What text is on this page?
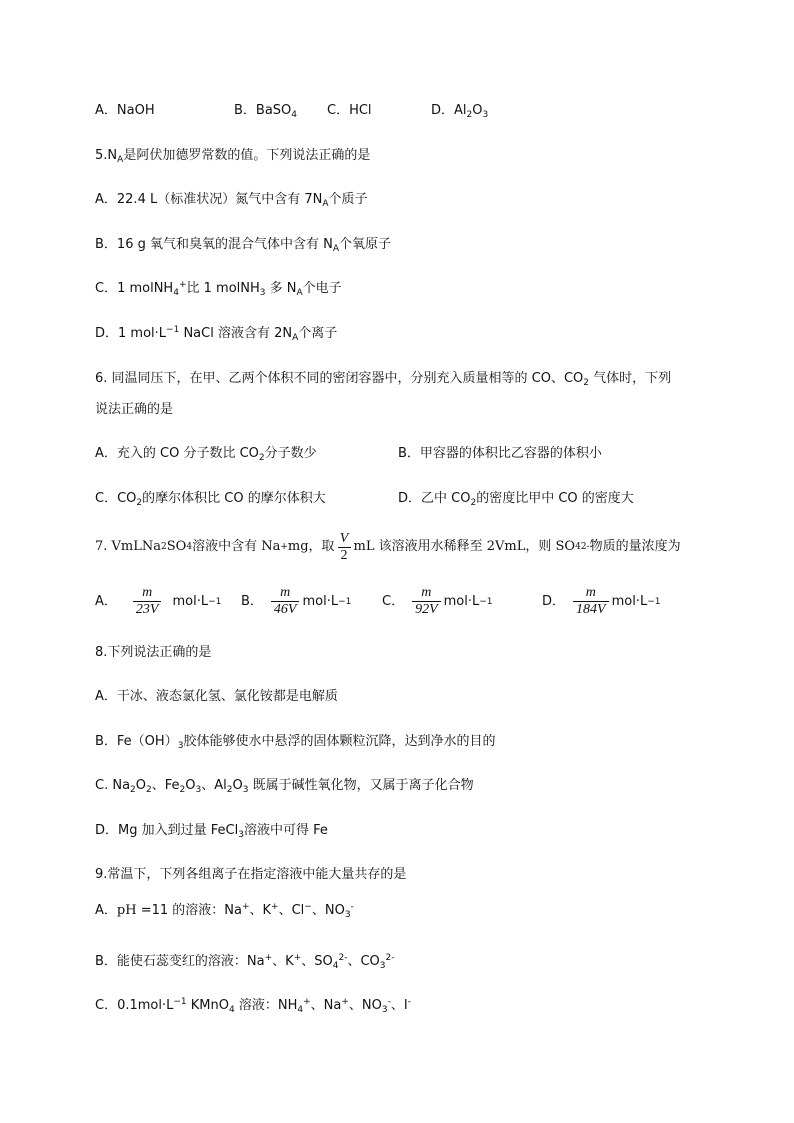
A．NaOH	B．BaSO$_4$ C．HCl	D．$Al_2O_3$
$5.N_A$是阿伏加德罗常数的值。下列说法正确的是
A．22.4 L（标准状况）氮气中含有 $7N_A$个质子
B．16 g 氧气和臭氧的混合气体中含有 $N_A$个氧原子
C．1 molNH$_4$+比 1 molNH$_3$ 多 $N_A$个电子
D．1 $mol\cdot L^{-1}$ NaCl 溶液含有 $2N_A$个离子
6. 同温同压下，在甲、乙两个体积不同的密闭容器中，分别充入质量相等的 CO、$CO_2$ 气体时，下列
说法正确的是
A．充入的 CO 分子数比 $CO_2$分子数少	B．甲容器的体积比乙容器的体积小
C．$CO_2$的摩尔体积比 CO 的摩尔体积大	D．乙中 $CO_2$的密度比甲中 CO 的密度大
7. VmLNa 2 SO 4 溶液中含有 Na + mg，取 $\frac{V}{2}$ mL 该溶液用水稀释至 2VmL，则 SO 4 2- 物质的量浓度为
A． $\frac{m}{23V} mol\cdot L -1$ B． $\frac{m}{46V} mol\cdot L -1$ C． $\frac{m}{92V} mol\cdot L -1$	D． $\frac{m}{184V} mol\cdot L -1$
8.下列说法正确的是
A．干冰、液态氯化氢、氯化铵都是电解质
B．$Fe(OH)_3$胶体能够使水中悬浮的固体颗粒沉降，达到净水的目的
C. $Na_2O_2$、$Fe_2O_3$、$Al_2O_3$ 既属于碱性氧化物，又属于离子化合物
D．Mg 加入到过量 FeCl$_3$溶液中可得 Fe
9.常温下，下列各组离子在指定溶液中能大量共存的是
A．pH =11 的溶液：Na+、K+、Cl−、$NO_3^-$
B．能使石蕊变红的溶液：Na+、K+、$SO_4^{2-}$、$CO_3^{2-}$
C．$0.1mol\cdot L^{-1}$ KMnO$_4$ 溶液：$NH_4^+$、Na+、$NO_3^-$、I-
